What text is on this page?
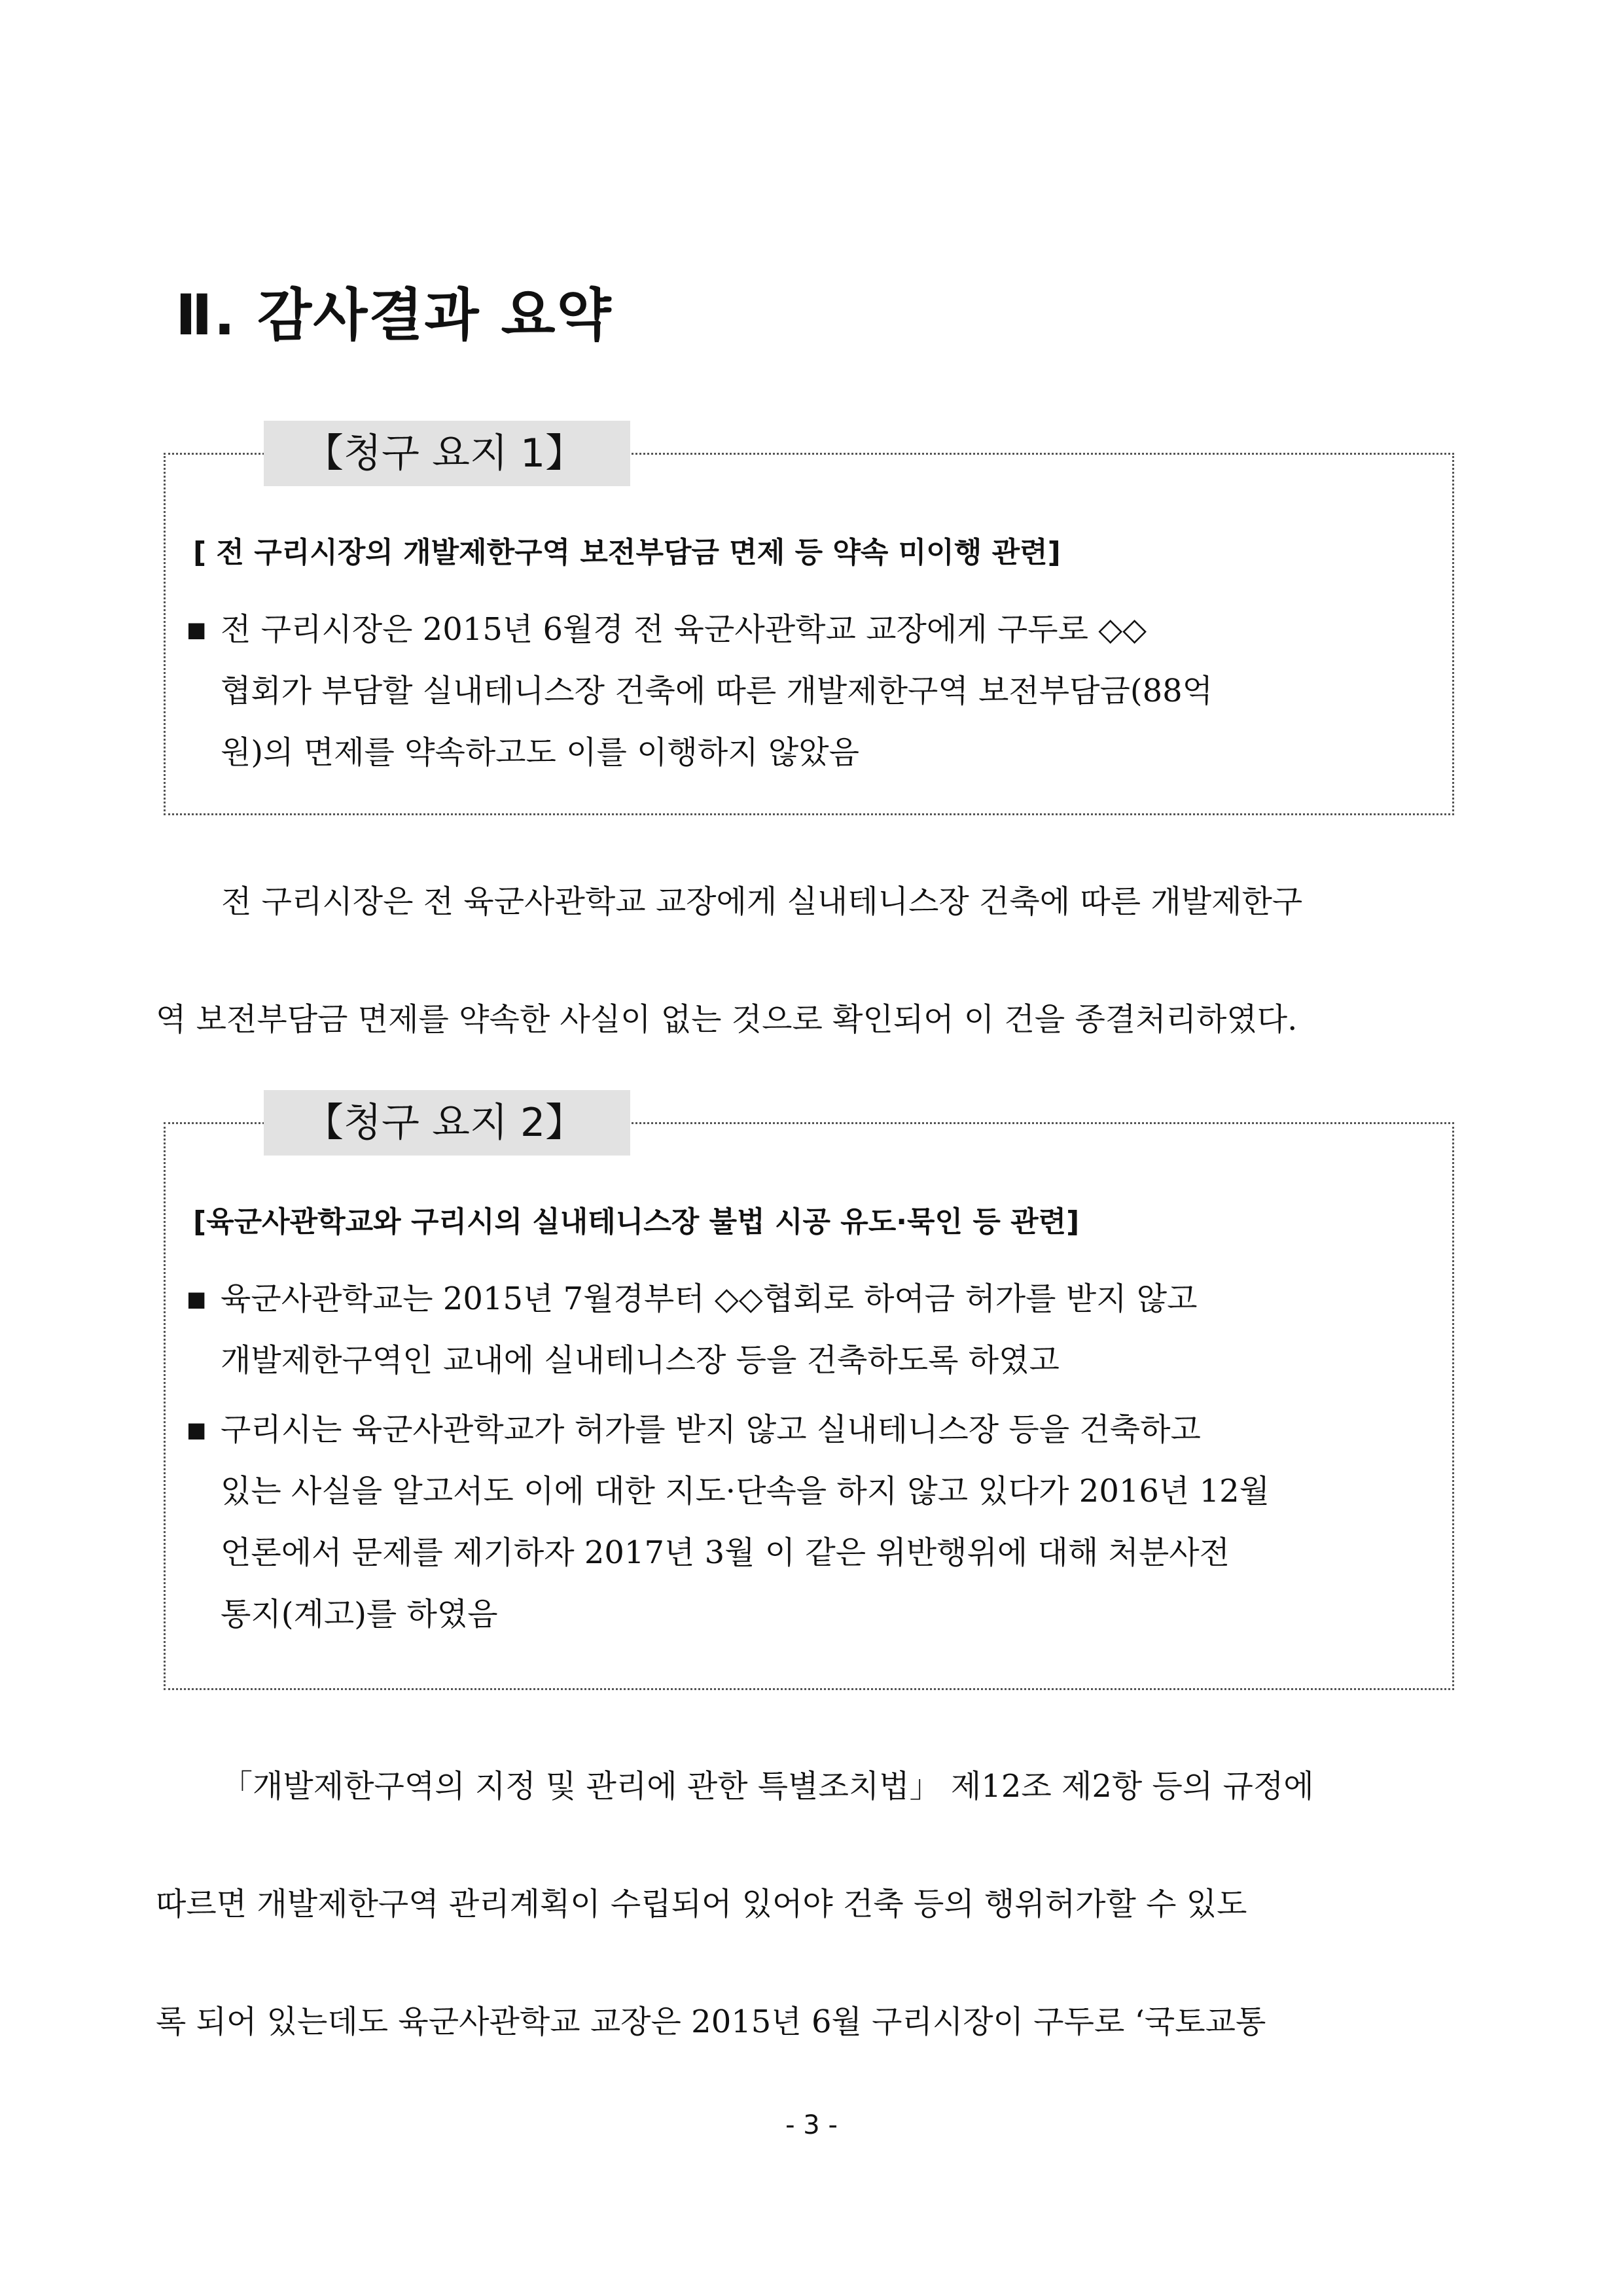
Ⅱ. 감사결과 요약
【청구 요지 1】

[ 전 구리시장의 개발제한구역 보전부담금 면제 등 약속 미이행 관련]

■ 전 구리시장은 2015년 6월경 전 육군사관학교 교장에게 구두로 ◇◇
협회가 부담할 실내테니스장 건축에 따른 개발제한구역 보전부담금(88억
원)의 면제를 약속하고도 이를 이행하지 않았음
전 구리시장은 전 육군사관학교 교장에게 실내테니스장 건축에 따른 개발제한구
역 보전부담금 면제를 약속한 사실이 없는 것으로 확인되어 이 건을 종결처리하였다.
【청구 요지 2】

[육군사관학교와 구리시의 실내테니스장 불법 시공 유도·묵인 등 관련]

■ 육군사관학교는 2015년 7월경부터 ◇◇협회로 하여금 허가를 받지 않고
개발제한구역인 교내에 실내테니스장 등을 건축하도록 하였고
■ 구리시는 육군사관학교가 허가를 받지 않고 실내테니스장 등을 건축하고
있는 사실을 알고서도 이에 대한 지도·단속을 하지 않고 있다가 2016년 12월
언론에서 문제를 제기하자 2017년 3월 이 같은 위반행위에 대해 처분사전
통지(계고)를 하였음
「개발제한구역의 지정 및 관리에 관한 특별조치법」 제12조 제2항 등의 규정에
따르면 개발제한구역 관리계획이 수립되어 있어야 건축 등의 행위허가할 수 있도
록 되어 있는데도 육군사관학교 교장은 2015년 6월 구리시장이 구두로 ‘국토교통
- 3 -
